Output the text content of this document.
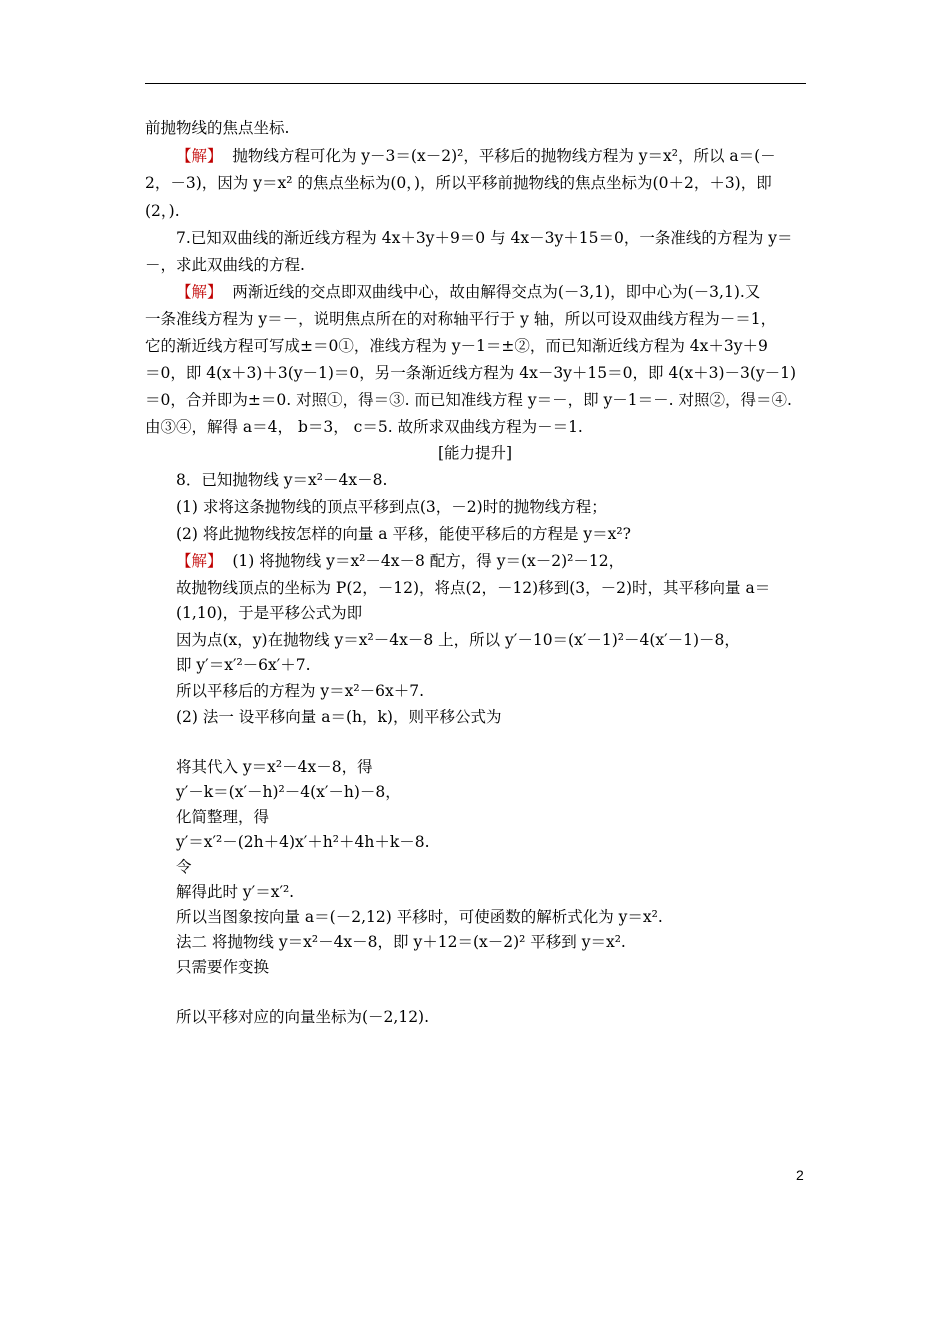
前抛物线的焦点坐标.
【解】 抛物线方程可化为 y－3＝(x－2)²，平移后的抛物线方程为 y＝x²，所以 a＝(－
2，－3)，因为 y＝x² 的焦点坐标为(0，)，所以平移前抛物线的焦点坐标为(0＋2，＋3)，即
(2，).
7.已知双曲线的渐近线方程为 4x＋3y＋9＝0 与 4x－3y＋15＝0，一条准线的方程为 y＝
－，求此双曲线的方程.
【解】 两渐近线的交点即双曲线中心，故由解得交点为(－3,1)，即中心为(－3,1).又
一条准线方程为 y＝－，说明焦点所在的对称轴平行于 y 轴，所以可设双曲线方程为－＝1，
它的渐近线方程可写成±＝0①，准线方程为 y－1＝±②，而已知渐近线方程为 4x＋3y＋9
＝0，即 4(x＋3)＋3(y－1)＝0，另一条渐近线方程为 4x－3y＋15＝0，即 4(x＋3)－3(y－1)
＝0，合并即为±＝0. 对照①，得＝③. 而已知准线方程 y＝－，即 y－1＝－. 对照②，得＝④.
由③④，解得 a＝4， b＝3， c＝5. 故所求双曲线方程为－＝1.
[能力提升]
8．已知抛物线 y＝x²－4x－8.
(1) 求将这条抛物线的顶点平移到点(3，－2)时的抛物线方程；
(2) 将此抛物线按怎样的向量 a 平移，能使平移后的方程是 y＝x²?
【解】 (1) 将抛物线 y＝x²－4x－8 配方，得 y＝(x－2)²－12，
故抛物线顶点的坐标为 P(2，－12)，将点(2，－12)移到(3，－2)时，其平移向量 a＝
(1,10)，于是平移公式为即
因为点(x，y)在抛物线 y＝x²－4x－8 上，所以 y′－10＝(x′－1)²－4(x′－1)－8，
即 y′＝x′²－6x′＋7.
所以平移后的方程为 y＝x²－6x＋7.
(2) 法一 设平移向量 a＝(h，k)，则平移公式为
将其代入 y＝x²－4x－8，得
y′－k＝(x′－h)²－4(x′－h)－8，
化简整理，得
y′＝x′²－(2h＋4)x′＋h²＋4h＋k－8.
令
解得此时 y′＝x′².
所以当图象按向量 a＝(－2,12) 平移时，可使函数的解析式化为 y＝x².
法二 将抛物线 y＝x²－4x－8，即 y＋12＝(x－2)² 平移到 y＝x².
只需要作变换
所以平移对应的向量坐标为(－2,12).
2
